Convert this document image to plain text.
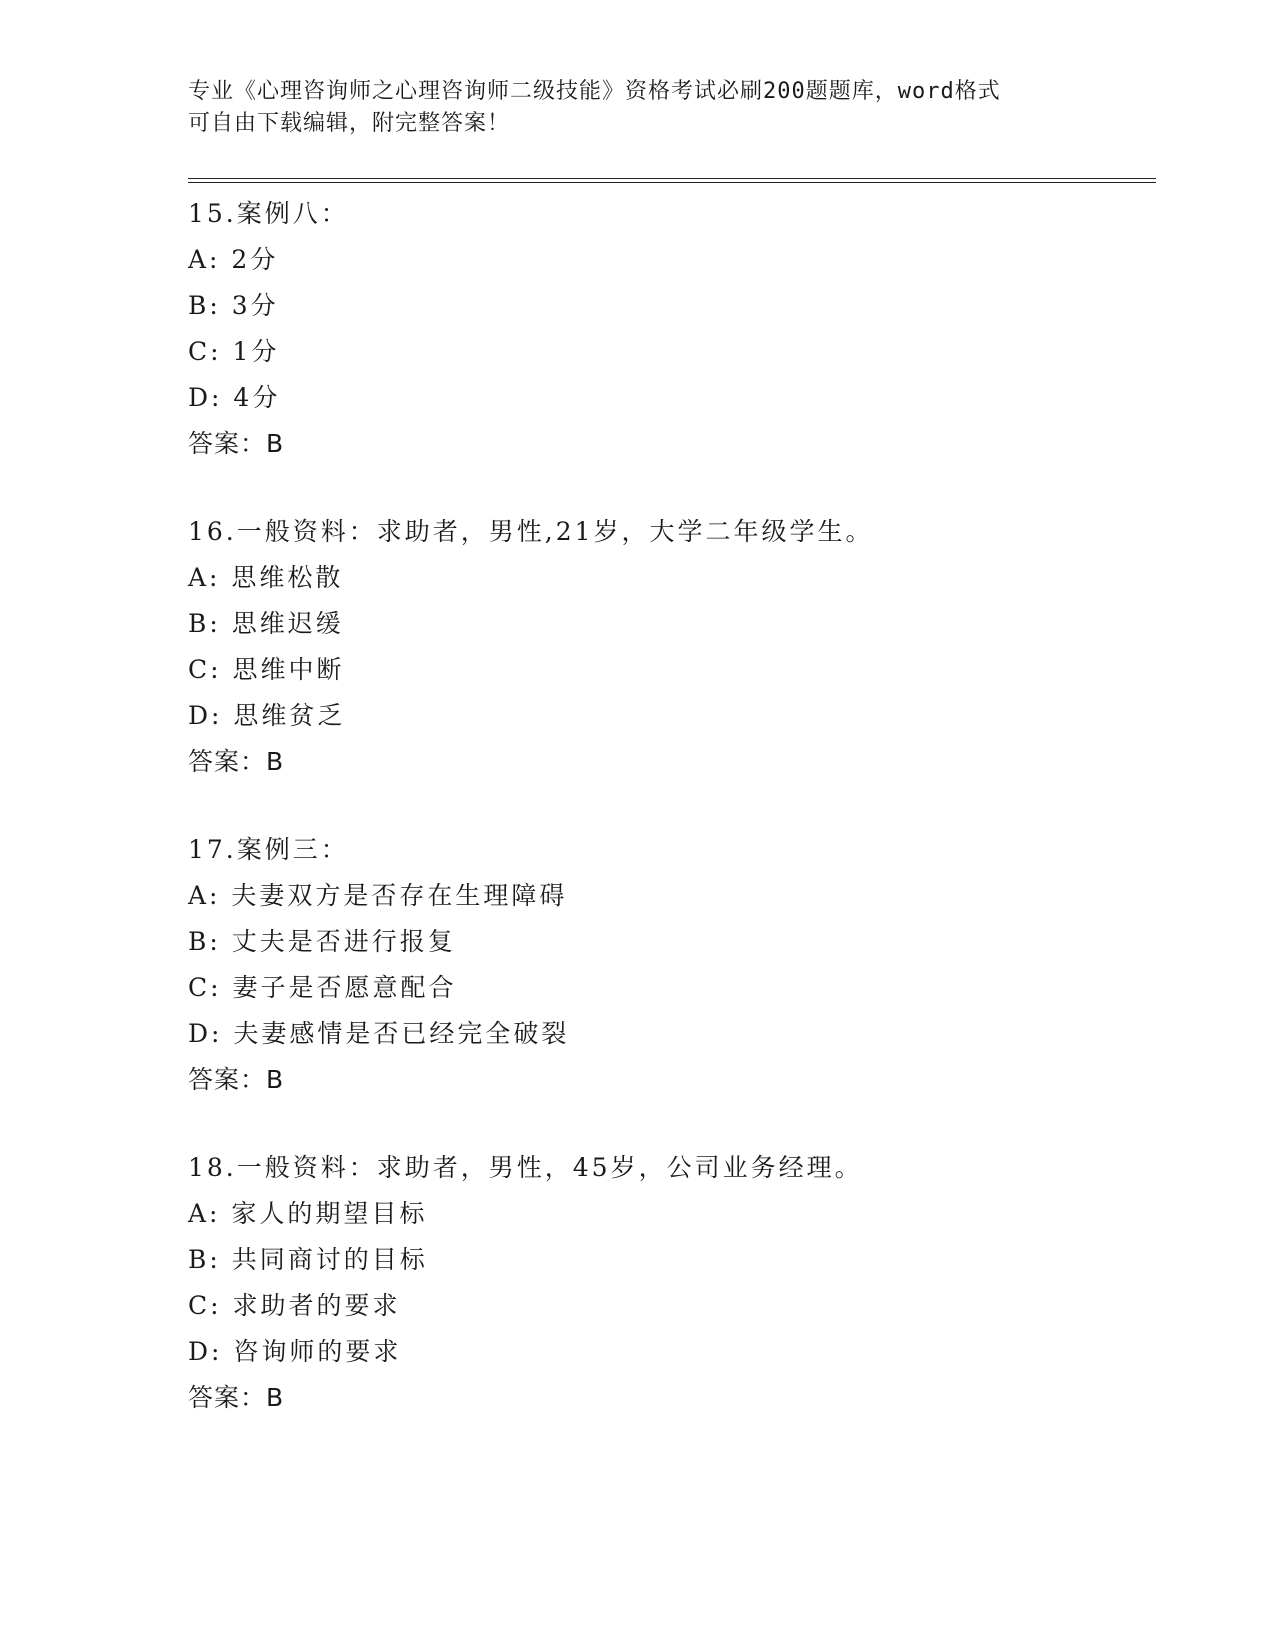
专业《心理咨询师之心理咨询师二级技能》资格考试必刷200题题库，word格式
可自由下载编辑，附完整答案！
15.案例八：
A: 2分
B: 3分
C: 1分
D: 4分
答案：B
16.一般资料：求助者，男性,21岁，大学二年级学生。
A: 思维松散
B: 思维迟缓
C: 思维中断
D: 思维贫乏
答案：B
17.案例三：
A: 夫妻双方是否存在生理障碍
B: 丈夫是否进行报复
C: 妻子是否愿意配合
D: 夫妻感情是否已经完全破裂
答案：B
18.一般资料：求助者，男性，45岁，公司业务经理。
A: 家人的期望目标
B: 共同商讨的目标
C: 求助者的要求
D: 咨询师的要求
答案：B
